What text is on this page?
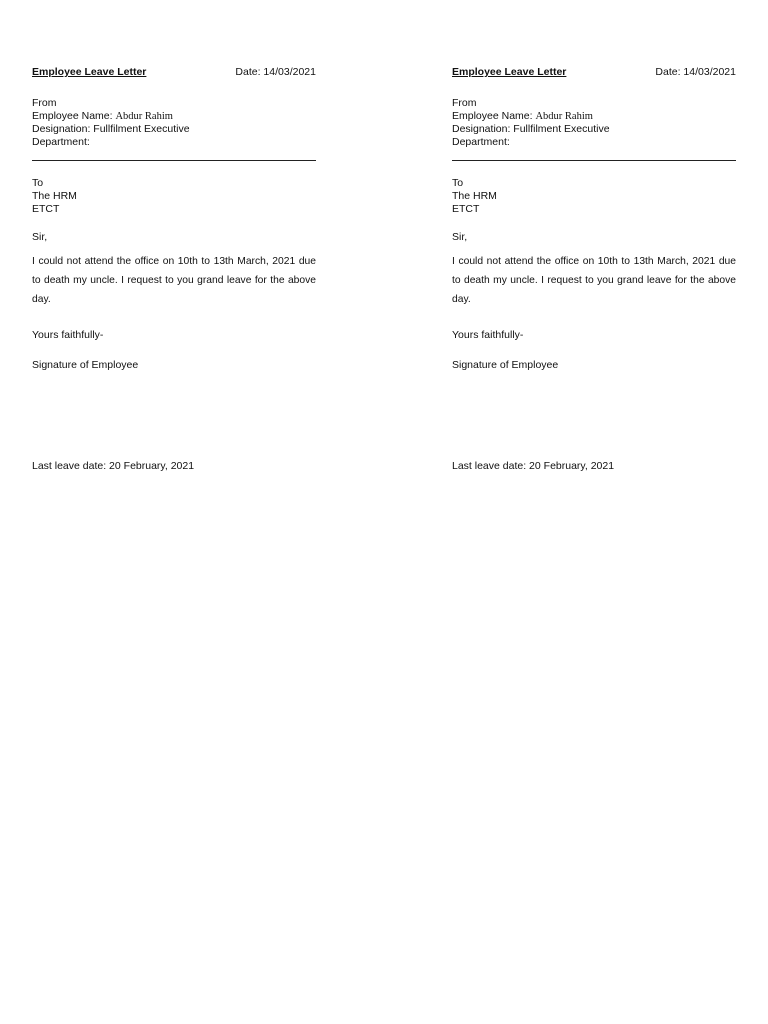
Employee Leave Letter	Date: 14/03/2021
From
Employee Name: Abdur Rahim
Designation: Fullfilment Executive
Department:
To
The HRM
ETCT
Sir,
I could not attend the office on 10th to 13th March, 2021 due to death my uncle. I request to you grand leave for the above day.
Yours faithfully-
Signature of Employee
Last leave date: 20 February, 2021
Employee Leave Letter	Date: 14/03/2021
From
Employee Name: Abdur Rahim
Designation: Fullfilment Executive
Department:
To
The HRM
ETCT
Sir,
I could not attend the office on 10th to 13th March, 2021 due to death my uncle. I request to you grand leave for the above day.
Yours faithfully-
Signature of Employee
Last leave date: 20 February, 2021
